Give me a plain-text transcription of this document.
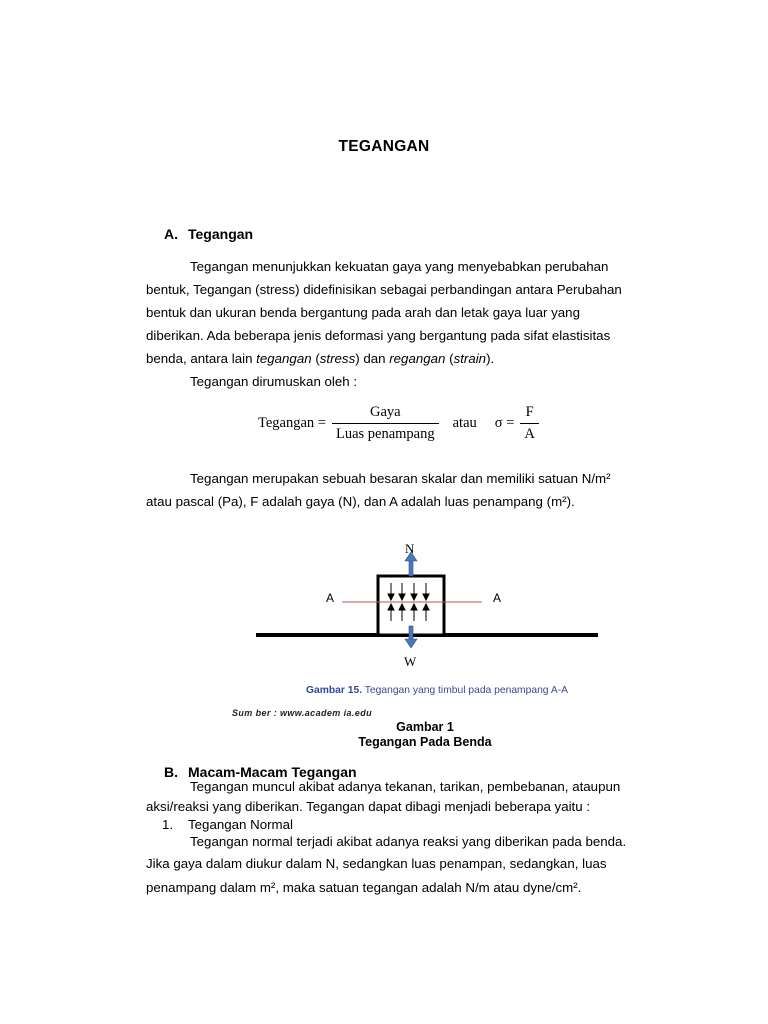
TEGANGAN
A. Tegangan

Tegangan menunjukkan kekuatan gaya yang menyebabkan perubahan

bentuk, Tegangan (stress) didefinisikan sebagai perbandingan antara Perubahan

bentuk dan ukuran benda bergantung pada arah dan letak gaya luar yang

diberikan. Ada beberapa jenis deformasi yang bergantung pada sifat elastisitas

benda, antara lain tegangan (stress) dan regangan (strain).

Tegangan dirumuskan oleh :

Tegangan = $\frac{\text{Gaya}}{\text{Luas penampang}}$ atau $\sigma = \frac{F}{A}$

Tegangan merupakan sebuah besaran skalar dan memiliki satuan N/m²

atau pascal (Pa), F adalah gaya (N), dan A adalah luas penampang (m²).

N
W
A	A
Gambar 15. Tegangan yang timbul pada penampang A-A
Sum ber : www.academ ia.edu
Gambar 1
Tegangan Pada Benda
B. Macam-Macam Tegangan

Tegangan muncul akibat adanya tekanan, tarikan, pembebanan, ataupun

aksi/reaksi yang diberikan. Tegangan dapat dibagi menjadi beberapa yaitu :

1. Tegangan Normal

Tegangan normal terjadi akibat adanya reaksi yang diberikan pada benda.

Jika gaya dalam diukur dalam N, sedangkan luas penampan, sedangkan, luas

penampang dalam m², maka satuan tegangan adalah N/m atau dyne/cm².
